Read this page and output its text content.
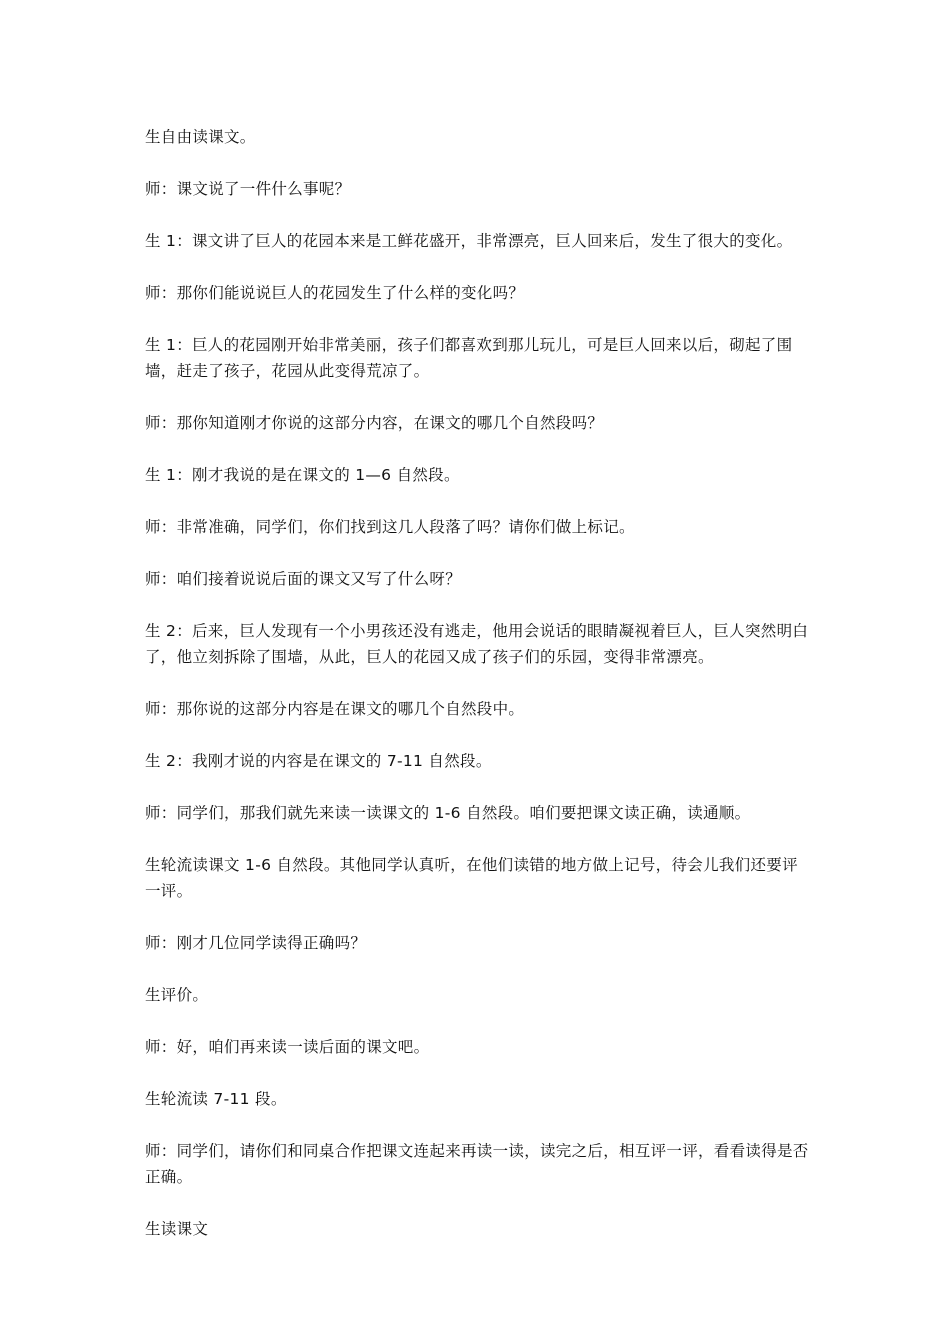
生自由读课文。

师：课文说了一件什么事呢？

生 1：课文讲了巨人的花园本来是工鲜花盛开，非常漂亮，巨人回来后，发生了很大的变化。

师：那你们能说说巨人的花园发生了什么样的变化吗？

生 1：巨人的花园刚开始非常美丽，孩子们都喜欢到那儿玩儿，可是巨人回来以后，砌起了围墙，赶走了孩子，花园从此变得荒凉了。

师：那你知道刚才你说的这部分内容，在课文的哪几个自然段吗？

生 1：刚才我说的是在课文的 1—6 自然段。

师：非常准确，同学们，你们找到这几人段落了吗？请你们做上标记。

师：咱们接着说说后面的课文又写了什么呀？

生 2：后来，巨人发现有一个小男孩还没有逃走，他用会说话的眼睛凝视着巨人，巨人突然明白了，他立刻拆除了围墙，从此，巨人的花园又成了孩子们的乐园，变得非常漂亮。

师：那你说的这部分内容是在课文的哪几个自然段中。

生 2：我刚才说的内容是在课文的 7-11 自然段。

师：同学们，那我们就先来读一读课文的 1-6 自然段。咱们要把课文读正确，读通顺。

生轮流读课文 1-6 自然段。其他同学认真听，在他们读错的地方做上记号，待会儿我们还要评一评。

师：刚才几位同学读得正确吗？

生评价。

师：好，咱们再来读一读后面的课文吧。

生轮流读 7-11 段。

师：同学们，请你们和同桌合作把课文连起来再读一读，读完之后，相互评一评，看看读得是否正确。

生读课文
